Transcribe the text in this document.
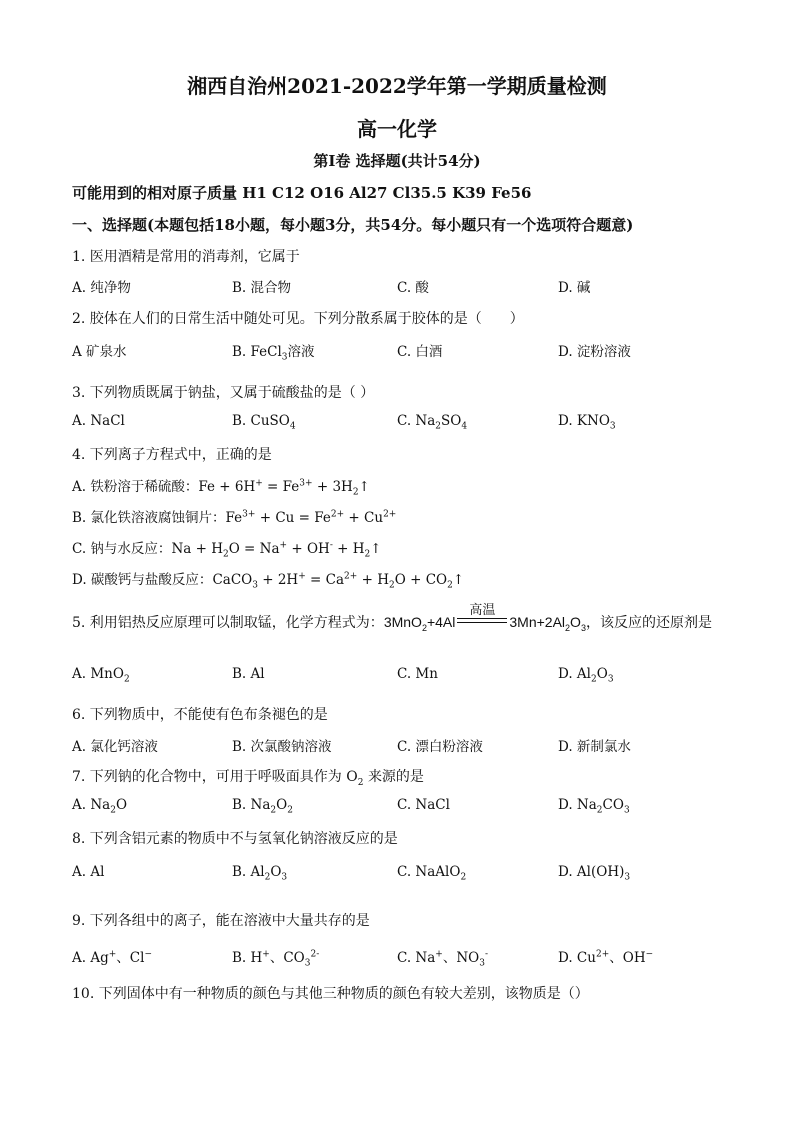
湘西自治州2021-2022学年第一学期质量检测
高一化学
第I卷 选择题(共计54分)
可能用到的相对原子质量 H1 C12 O16 Al27 Cl35.5 K39 Fe56
一、选择题(本题包括18小题，每小题3分，共54分。每小题只有一个选项符合题意)
1. 医用酒精是常用的消毒剂，它属于
A. 纯净物	B. 混合物	C. 酸	D. 碱
2. 胶体在人们的日常生活中随处可见。下列分散系属于胶体的是（　　）
A 矿泉水	B. FeCl$_3$溶液	C. 白酒	D. 淀粉溶液
3. 下列物质既属于钠盐，又属于硫酸盐的是（ ）
A. NaCl	B. CuSO$_4$	C. $Na_2SO_4$	D. $KNO_3$
4. 下列离子方程式中，正确的是
A. 铁粉溶于稀硫酸：$Fe + 6H^+ = Fe^{3+}$ + $3H_2↑$
B. 氯化铁溶液腐蚀铜片：$Fe^{3+} + Cu = Fe^{2+} + Cu^{2+}$
C. 钠与水反应：$Na + H_2O = Na^+ + OH^-$ + $H_2↑$
D. 碳酸钙与盐酸反应：CaCO$_3$ + $2H^+ = Ca^{2+} + H_2O$ + $CO_2↑$
5. 利用铝热反应原理可以制取锰，化学方程式为：3MnO$_2$+4Al
高温
$3Mn+2Al_2O_3$，该反应的还原剂是
A. MnO$_2$	B. Al	C. Mn	D. $Al_2O_3$
6. 下列物质中，不能使有色布条褪色的是
A. 氯化钙溶液	B. 次氯酸钠溶液	C. 漂白粉溶液	D. 新制氯水
7. 下列钠的化合物中，可用于呼吸面具作为 $O_2$ 来源的是
A. $Na_2O$	B. $Na_2O_2$	C. NaCl	D. $Na_2CO_3$
8. 下列含铝元素的物质中不与氢氧化钠溶液反应的是
A. Al	B. $Al_2O_3$	C. NaAlO$_2$	D. $Al(OH)_3$
9. 下列各组中的离子，能在溶液中大量共存的是
A. Ag+、Cl−	B. H+、$CO_3^{2-}$	C. Na+、$NO_3^-$	D. $Cu^{2+}$、OH−
10. 下列固体中有一种物质的颜色与其他三种物质的颜色有较大差别，该物质是（）
